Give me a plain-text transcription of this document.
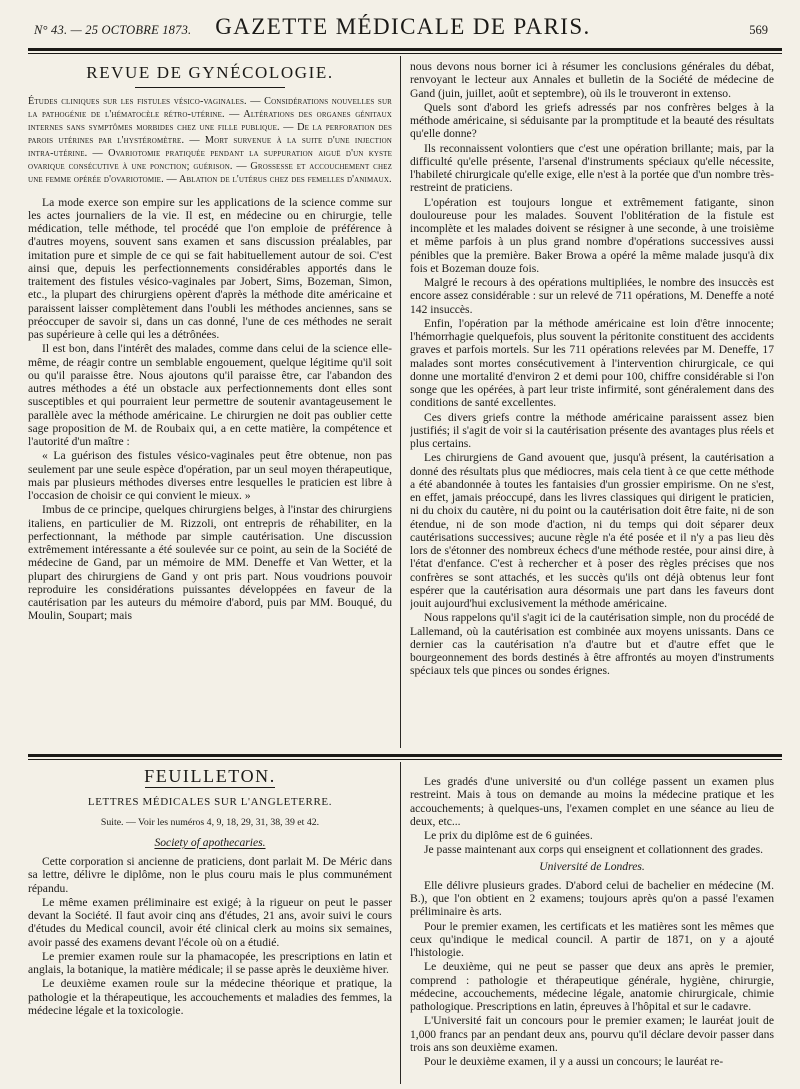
N° 43. — 25 OCTOBRE 1873.	GAZETTE MÉDICALE DE PARIS.	569
REVUE DE GYNÉCOLOGIE.

Études cliniques sur les fistules vésico-vaginales. — Considérations nouvelles sur la pathogénie de l'hématocèle rétro-utérine. — Altérations des organes génitaux internes sans symptômes morbides chez une fille publique. — De la perforation des parois utérines par l'hystéromètre. — Mort survenue à la suite d'une injection intra-utérine. — Ovariotomie pratiquée pendant la suppuration aiguë d'un kyste ovarique consécutive à une ponction; guérison. — Grossesse et accouchement chez une femme opérée d'ovariotomie. — Ablation de l'utérus chez des femelles d'animaux.

La mode exerce son empire sur les applications de la science comme sur les actes journaliers de la vie. Il est, en médecine ou en chirurgie, telle médication, telle méthode, tel procédé que l'on emploie de préférence à d'autres moyens, souvent sans examen et sans discussion préalables, par imitation pure et simple de ce qui se fait habituellement autour de soi. C'est ainsi que, depuis les perfectionnements considérables apportés dans le traitement des fistules vésico-vaginales par Jobert, Sims, Bozeman, Simon, etc., la plupart des chirurgiens opèrent d'après la méthode dite américaine et paraissent laisser complètement dans l'oubli les méthodes anciennes, sans se préoccuper de savoir si, dans un cas donné, l'une de ces méthodes ne serait pas supérieure à celle qui les a détrônées.

Il est bon, dans l'intérêt des malades, comme dans celui de la science elle-même, de réagir contre un semblable engouement, quelque légitime qu'il soit ou qu'il paraisse être. Nous ajoutons qu'il paraisse être, car l'abandon des autres méthodes a été un obstacle aux perfectionnements dont elles sont susceptibles et qui pourraient leur permettre de soutenir avantageusement le parallèle avec la méthode américaine. Le chirurgien ne doit pas oublier cette sage proposition de M. de Roubaix qui, a en cette matière, la compétence et l'autorité d'un maître :

« La guérison des fistules vésico-vaginales peut être obtenue, non pas seulement par une seule espèce d'opération, par un seul moyen thérapeutique, mais par plusieurs méthodes diverses entre lesquelles le praticien est libre à l'occasion de choisir ce qui convient le mieux. »

Imbus de ce principe, quelques chirurgiens belges, à l'instar des chirurgiens italiens, en particulier de M. Rizzoli, ont entrepris de réhabiliter, en la perfectionnant, la méthode par simple cautérisation. Une discussion extrêmement intéressante a été soulevée sur ce point, au sein de la Société de médecine de Gand, par un mémoire de MM. Deneffe et Van Wetter, et la plupart des chirurgiens de Gand y ont pris part. Nous voudrions pouvoir reproduire les considérations puissantes développées en faveur de la cautérisation par les auteurs du mémoire d'abord, puis par MM. Bouqué, du Moulin, Soupart; mais

nous devons nous borner ici à résumer les conclusions générales du débat, renvoyant le lecteur aux Annales et bulletin de la Société de médecine de Gand (juin, juillet, août et septembre), où ils le trouveront in extenso.

Quels sont d'abord les griefs adressés par nos confrères belges à la méthode américaine, si séduisante par la promptitude et la beauté des résultats qu'elle donne?

Ils reconnaissent volontiers que c'est une opération brillante; mais, par la difficulté qu'elle présente, l'arsenal d'instruments spéciaux qu'elle nécessite, l'habileté chirurgicale qu'elle exige, elle n'est à la portée que d'un nombre très-restreint de praticiens.

L'opération est toujours longue et extrêmement fatigante, sinon douloureuse pour les malades. Souvent l'oblitération de la fistule est incomplète et les malades doivent se résigner à une seconde, à une troisième et même parfois à un plus grand nombre d'opérations successives aussi pénibles que la première. Baker Browa a opéré la même malade jusqu'à dix fois et Bozeman douze fois.

Malgré le recours à des opérations multipliées, le nombre des insuccès est encore assez considérable : sur un relevé de 711 opérations, M. Deneffe a noté 142 insuccès.

Enfin, l'opération par la méthode américaine est loin d'être innocente; l'hémorrhagie quelquefois, plus souvent la péritonite constituent des accidents graves et parfois mortels. Sur les 711 opérations relevées par M. Deneffe, 17 malades sont mortes consécutivement à l'intervention chirurgicale, ce qui donne une mortalité d'environ 2 et demi pour 100, chiffre considérable si l'on songe que les opérées, à part leur triste infirmité, sont généralement dans des conditions de santé excellentes.

Ces divers griefs contre la méthode américaine paraissent assez bien justifiés; il s'agit de voir si la cautérisation présente des avantages plus réels et plus certains.

Les chirurgiens de Gand avouent que, jusqu'à présent, la cautérisation a donné des résultats plus que médiocres, mais cela tient à ce que cette méthode a été abandonnée à toutes les fantaisies d'un grossier empirisme. On ne s'est, en effet, jamais préoccupé, dans les livres classiques qui dirigent le praticien, ni du choix du cautère, ni du point ou la cautérisation doit être faite, ni de son étendue, ni de son mode d'action, ni du temps qui doit séparer deux cautérisations successives; aucune règle n'a été posée et il n'y a pas lieu dès lors de s'étonner des nombreux échecs d'une méthode restée, pour ainsi dire, à l'état d'enfance. C'est à rechercher et à poser des règles précises que nos confrères se sont attachés, et les succès qu'ils ont déjà obtenus leur font espérer que la cautérisation aura désormais une part dans les faveurs dont jouit aujourd'hui exclusivement la méthode américaine.

Nous rappelons qu'il s'agit ici de la cautérisation simple, non du procédé de Lallemand, où la cautérisation est combinée aux moyens unissants. Dans ce dernier cas la cautérisation n'a d'autre but et d'autre effet que le bourgeonnement des bords destinés à être affrontés au moyen d'instruments spéciaux tels que pinces ou sondes érignes.

FEUILLETON.
LETTRES MÉDICALES SUR L'ANGLETERRE.
Suite. — Voir les numéros 4, 9, 18, 29, 31, 38, 39 et 42.
Society of apothecaries.

Cette corporation si ancienne de praticiens, dont parlait M. De Méric dans sa lettre, délivre le diplôme, non le plus couru mais le plus communément répandu.

Le même examen préliminaire est exigé; à la rigueur on peut le passer devant la Société. Il faut avoir cinq ans d'études, 21 ans, avoir suivi le cours d'études du Medical council, avoir été clinical clerk au moins six semaines, avoir passé des examens devant l'école où on a étudié.

Le premier examen roule sur la phamacopée, les prescriptions en latin et anglais, la botanique, la matière médicale; il se passe après le deuxième hiver.

Le deuxième examen roule sur la médecine théorique et pratique, la pathologie et la thérapeutique, les accouchements et maladies des femmes, la médecine légale et la toxicologie.

Les gradés d'une université ou d'un collége passent un examen plus restreint. Mais à tous on demande au moins la médecine pratique et les accouchements; à quelques-uns, l'examen complet en une séance au lieu de deux, etc...

Le prix du diplôme est de 6 guinées.

Je passe maintenant aux corps qui enseignent et collationnent des grades.

Université de Londres.

Elle délivre plusieurs grades. D'abord celui de bachelier en médecine (M. B.), que l'on obtient en 2 examens; toujours après qu'on a passé l'examen préliminaire ès arts.

Pour le premier examen, les certificats et les matières sont les mêmes que ceux qu'indique le medical council. A partir de 1871, on y a ajouté l'histologie.

Le deuxième, qui ne peut se passer que deux ans après le premier, comprend : pathologie et thérapeutique générale, hygiène, chirurgie, médecine, accouchements, médecine légale, anatomie chirurgicale, chimie pathologique. Prescriptions en latin, épreuves à l'hôpital et sur le cadavre.

L'Université fait un concours pour le premier examen; le lauréat jouit de 1,000 francs par an pendant deux ans, pourvu qu'il déclare devoir passer dans trois ans son deuxième examen.

Pour le deuxième examen, il y a aussi un concours; le lauréat re-
